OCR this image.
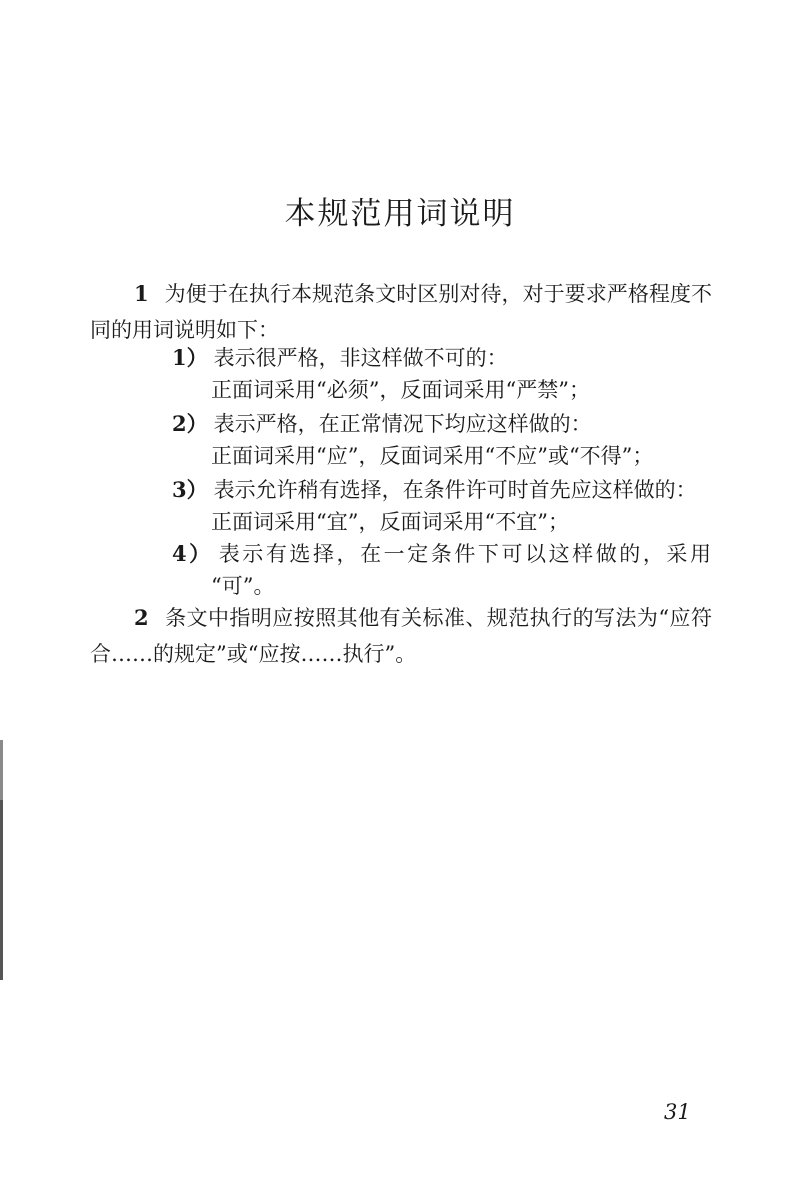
本规范用词说明
1 为便于在执行本规范条文时区别对待，对于要求严格程度不同的用词说明如下：
1） 表示很严格，非这样做不可的：
正面词采用“必须”，反面词采用“严禁”；
2） 表示严格，在正常情况下均应这样做的：
正面词采用“应”，反面词采用“不应”或“不得”；
3） 表示允许稍有选择，在条件许可时首先应这样做的：
正面词采用“宜”，反面词采用“不宜”；
4） 表示有选择，在一定条件下可以这样做的，采用
“可”。
2 条文中指明应按照其他有关标准、规范执行的写法为“应符合……的规定”或“应按……执行”。
31
